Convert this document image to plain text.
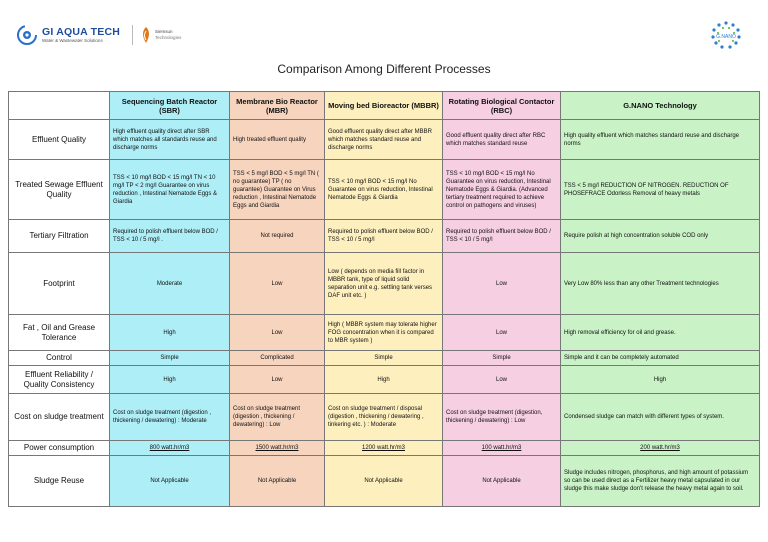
GI AQUA TECH
Water & Wastewater Solutions
Siemsun
Technologies	G.NANO
Comparison Among Different Processes
	Sequencing Batch Reactor (SBR)	Membrane Bio Reactor (MBR)	Moving bed Bioreactor (MBBR)	Rotating Biological Contactor (RBC)	G.NANO Technology
Effluent Quality	High effluent quality direct after SBR which matches all standards reuse and discharge norms	High treated effluent quality	Good effluent quality direct after MBBR which matches standard reuse and discharge norms	Good effluent quality direct after RBC which matches standard reuse	High quality effluent which matches standard reuse and discharge norms
Treated Sewage Effluent Quality	TSS < 10 mg/l BOD < 15 mg/l TN < 10 mg/l TP < 2 mg/l Guarantee on virus reduction , Intestinal Nematode Eggs & Giardia	TSS < 5 mg/l BOD < 5 mg/l TN ( no guarantee) TP ( no guarantee) Guarantee on Virus reduction , Intestinal Nematode Eggs and Giardia	TSS < 10 mg/l BOD < 15 mg/l No Guarantee on virus reduction, Intestinal Nematode Eggs & Giardia	TSS < 10 mg/l BOD < 15 mg/l No Guarantee on virus reduction, Intestinal Nematode Eggs & Giardia. (Advanced tertiary treatment required to achieve control on pathogens and viruses)	TSS < 5 mg/l REDUCTION OF NITROGEN. REDUCTION OF PHOSEFRACE Odorless Removal of heavy metals
Tertiary Filtration	Required to polish effluent below BOD / TSS < 10 / 5 mg/l .	Not required	Required to polish effluent below BOD / TSS < 10 / 5 mg/l	Required to polish effluent below BOD / TSS < 10 / 5 mg/l	Require polish at high concentration soluble COD only
Footprint	Moderate	Low	Low ( depends on media fill factor in MBBR tank, type of liquid solid separation unit e.g. settling tank verses DAF unit etc. )	Low	Very Low 80% less than any other Treatment technologies
Fat , Oil and Grease Tolerance	High	Low	High ( MBBR system may tolerate higher FOG concentration when it is compared to MBR system )	Low	High removal efficiency for oil and grease.
Control	Simple	Complicated	Simple	Simple	Simple and it can be completely automated
Effluent Reliability / Quality Consistency	High	Low	High	Low	High
Cost on sludge treatment	Cost on sludge treatment (digestion , thickening / dewatering) : Moderate	Cost on sludge treatment (digestion , thickening / dewatering) : Low	Cost on sludge treatment / disposal (digestion , thickening / dewatering , tinkering etc. ) : Moderate	Cost on sludge treatment (digestion, thickening / dewatering) : Low	Condensed sludge can match with different types of system.
Power consumption	800 watt.hr/m3	1500 watt.hr/m3	1200 watt.hr/m3	100 watt.hr/m3	200 watt.hr/m3
Sludge Reuse	Not Applicable	Not Applicable	Not Applicable	Not Applicable	Sludge includes nitrogen, phosphorus, and high amount of potassium so can be used direct as a Fertilizer heavy metal capsulated in our sludge this make sludge don't release the heavy metal again to soil.
